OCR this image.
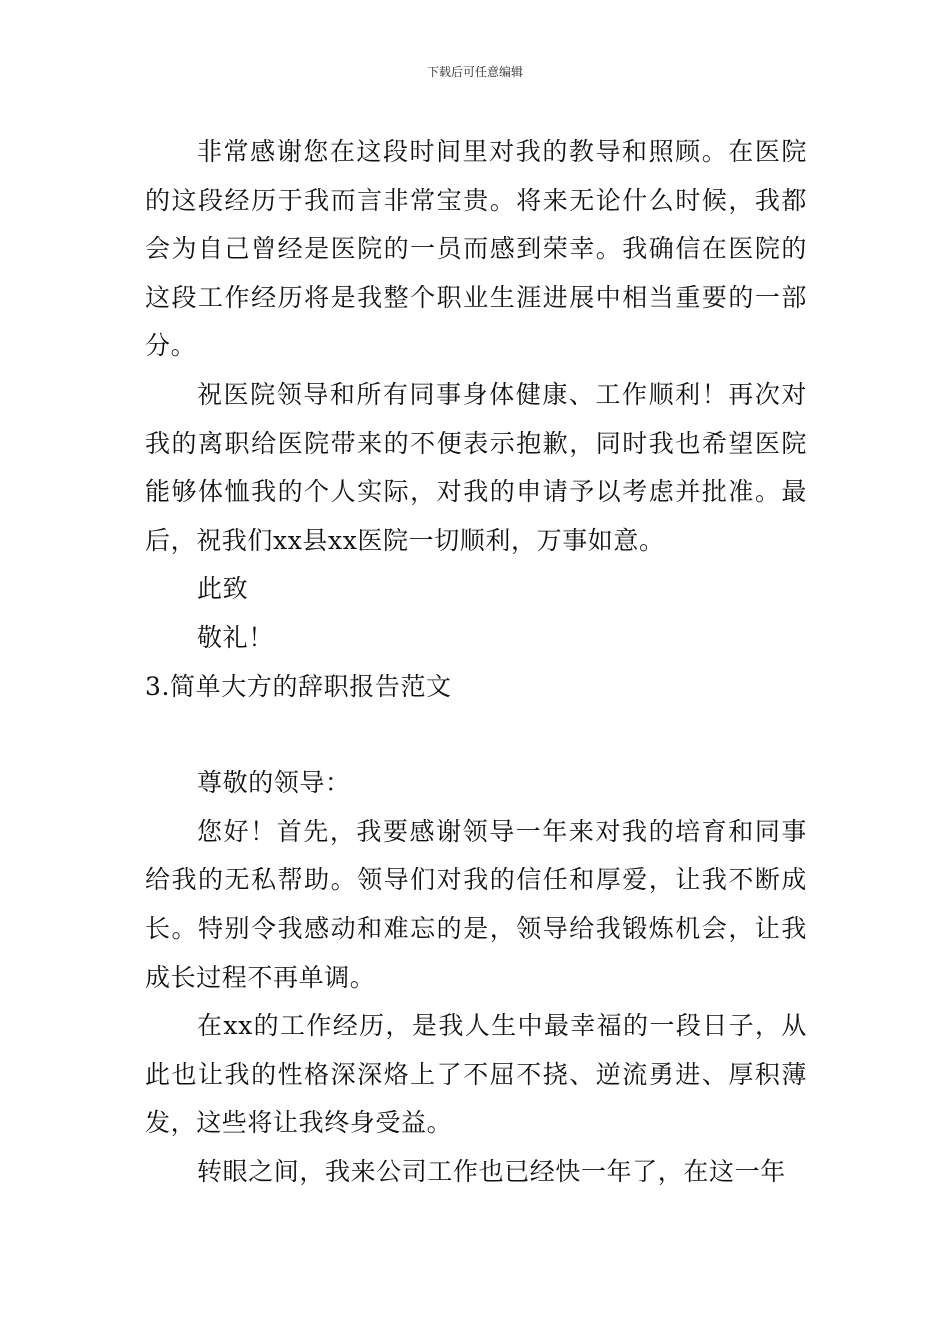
下载后可任意编辑

非常感谢您在这段时间里对我的教导和照顾。在医院的这段经历于我而言非常宝贵。将来无论什么时候，我都会为自己曾经是医院的一员而感到荣幸。我确信在医院的这段工作经历将是我整个职业生涯进展中相当重要的一部分。

祝医院领导和所有同事身体健康、工作顺利！再次对我的离职给医院带来的不便表示抱歉，同时我也希望医院能够体恤我的个人实际，对我的申请予以考虑并批准。最后，祝我们xx县xx医院一切顺利，万事如意。

此致

敬礼！

3.简单大方的辞职报告范文

尊敬的领导：

您好！首先，我要感谢领导一年来对我的培育和同事给我的无私帮助。领导们对我的信任和厚爱，让我不断成长。特别令我感动和难忘的是，领导给我锻炼机会，让我成长过程不再单调。

在xx的工作经历，是我人生中最幸福的一段日子，从此也让我的性格深深烙上了不屈不挠、逆流勇进、厚积薄发，这些将让我终身受益。

转眼之间，我来公司工作也已经快一年了，在这一年
